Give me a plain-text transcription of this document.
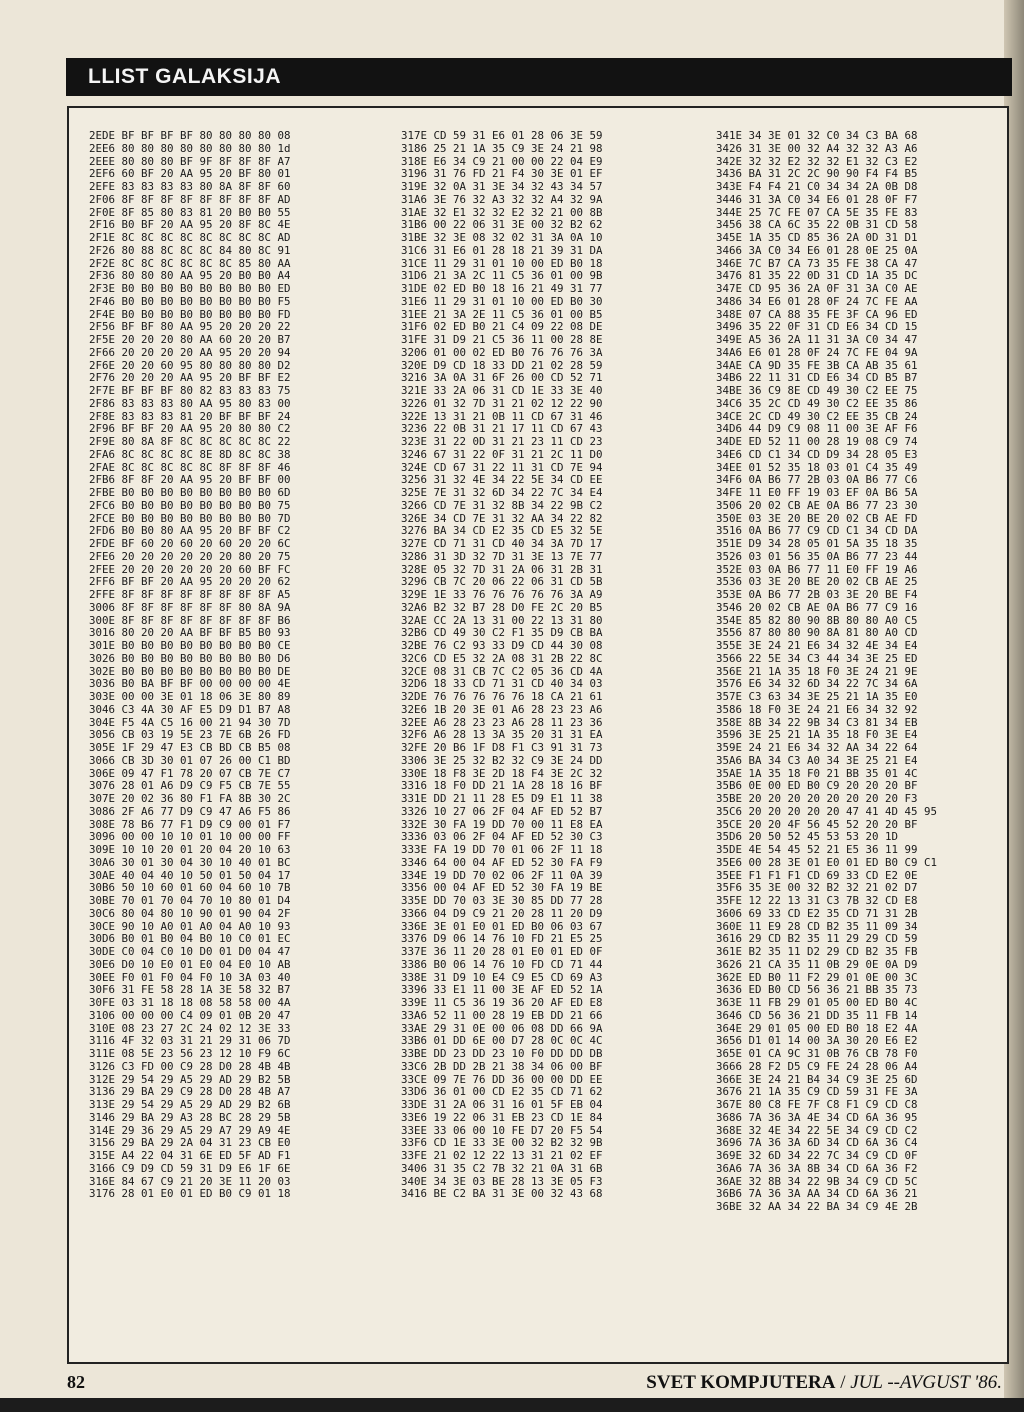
LLIST GALAKSIJA
2EDE BF BF BF BF 80 80 80 80 08
2EE6 80 80 80 80 80 80 80 80 1d
2EEE 80 80 80 BF 9F 8F 8F 8F A7
2EF6 60 BF 20 AA 95 20 BF 80 01
2EFE 83 83 83 83 80 8A 8F 8F 60
2F06 8F 8F 8F 8F 8F 8F 8F 8F AD
2F0E 8F 85 80 83 81 20 B0 B0 55
2F16 B0 BF 20 AA 95 20 8F 8C 4E
2F1E 8C 8C 8C 8C 8C 8C 8C 8C AD
2F26 80 88 8C 8C 8C 84 80 8C 91
2F2E 8C 8C 8C 8C 8C 8C 85 80 AA
2F36 80 80 80 AA 95 20 B0 B0 A4
2F3E B0 B0 B0 B0 B0 B0 B0 B0 ED
2F46 B0 B0 B0 B0 B0 B0 B0 B0 F5
2F4E B0 B0 B0 B0 B0 B0 B0 B0 FD
2F56 BF BF 80 AA 95 20 20 20 22
2F5E 20 20 20 80 AA 60 20 20 B7
2F66 20 20 20 20 AA 95 20 20 94
2F6E 20 20 60 95 80 80 80 80 D2
2F76 20 20 20 AA 95 20 BF BF E2
2F7E BF BF BF 80 82 83 83 83 75
2F86 83 83 83 80 AA 95 80 83 00
2F8E 83 83 83 81 20 BF BF BF 24
2F96 BF BF 20 AA 95 20 80 80 C2
2F9E 80 8A 8F 8C 8C 8C 8C 8C 22
2FA6 8C 8C 8C 8C 8E 8D 8C 8C 38
2FAE 8C 8C 8C 8C 8C 8F 8F 8F 46
2FB6 8F 8F 20 AA 95 20 BF BF 00
2FBE B0 B0 B0 B0 B0 B0 B0 B0 6D
2FC6 B0 B0 B0 B0 B0 B0 B0 B0 75
2FCE B0 B0 B0 B0 B0 B0 B0 B0 7D
2FD6 B0 B0 80 AA 95 20 BF BF C2
2FDE BF 60 20 60 20 60 20 20 6C
2FE6 20 20 20 20 20 20 80 20 75
2FEE 20 20 20 20 20 20 60 BF FC
2FF6 BF BF 20 AA 95 20 20 20 62
2FFE 8F 8F 8F 8F 8F 8F 8F 8F A5
3006 8F 8F 8F 8F 8F 8F 80 8A 9A
300E 8F 8F 8F 8F 8F 8F 8F 8F B6
3016 80 20 20 AA BF BF B5 B0 93
301E B0 B0 B0 B0 B0 B0 B0 B0 CE
3026 B0 B0 B0 B0 B0 B0 B0 B0 D6
302E B0 B0 B0 B0 B0 B0 B0 B0 DE
3036 B0 BA BF BF 00 00 00 00 4E
303E 00 00 3E 01 18 06 3E 80 89
3046 C3 4A 30 AF E5 D9 D1 B7 A8
304E F5 4A C5 16 00 21 94 30 7D
3056 CB 03 19 5E 23 7E 6B 26 FD
305E 1F 29 47 E3 CB BD CB B5 08
3066 CB 3D 30 01 07 26 00 C1 BD
306E 09 47 F1 78 20 07 CB 7E C7
3076 28 01 A6 D9 C9 F5 CB 7E 55
307E 20 02 36 80 F1 FA 8B 30 2C
3086 2F A6 77 D9 C9 47 A6 F5 86
308E 78 B6 77 F1 D9 C9 00 01 F7
3096 00 00 10 10 01 10 00 00 FF
309E 10 10 20 01 20 04 20 10 63
30A6 30 01 30 04 30 10 40 01 BC
30AE 40 04 40 10 50 01 50 04 17
30B6 50 10 60 01 60 04 60 10 7B
30BE 70 01 70 04 70 10 80 01 D4
30C6 80 04 80 10 90 01 90 04 2F
30CE 90 10 A0 01 A0 04 A0 10 93
30D6 B0 01 B0 04 B0 10 C0 01 EC
30DE C0 04 C0 10 D0 01 D0 04 47
30E6 D0 10 E0 01 E0 04 E0 10 AB
30EE F0 01 F0 04 F0 10 3A 03 40
30F6 31 FE 58 28 1A 3E 58 32 B7
30FE 03 31 18 18 08 58 58 00 4A
3106 00 00 00 C4 09 01 0B 20 47
310E 08 23 27 2C 24 02 12 3E 33
3116 4F 32 03 31 21 29 31 06 7D
311E 08 5E 23 56 23 12 10 F9 6C
3126 C3 FD 00 C9 28 D0 28 4B 4B
312E 29 54 29 A5 29 AD 29 B2 5B
3136 29 BA 29 C9 28 D0 28 4B A7
313E 29 54 29 A5 29 AD 29 B2 6B
3146 29 BA 29 A3 28 BC 28 29 5B
314E 29 36 29 A5 29 A7 29 A9 4E
3156 29 BA 29 2A 04 31 23 CB E0
315E A4 22 04 31 6E ED 5F AD F1
3166 C9 D9 CD 59 31 D9 E6 1F 6E
316E 84 67 C9 21 20 3E 11 20 03
3176 28 01 E0 01 ED B0 C9 01 18
317E CD 59 31 E6 01 28 06 3E 59
3186 25 21 1A 35 C9 3E 24 21 98
318E E6 34 C9 21 00 00 22 04 E9
3196 31 76 FD 21 F4 30 3E 01 EF
319E 32 0A 31 3E 34 32 43 34 57
31A6 3E 76 32 A3 32 32 A4 32 9A
31AE 32 E1 32 32 E2 32 21 00 8B
31B6 00 22 06 31 3E 00 32 B2 62
31BE 32 3E 08 32 02 31 3A 0A 10
31C6 31 E6 01 28 18 21 39 31 DA
31CE 11 29 31 01 10 00 ED B0 18
31D6 21 3A 2C 11 C5 36 01 00 9B
31DE 02 ED B0 18 16 21 49 31 77
31E6 11 29 31 01 10 00 ED B0 30
31EE 21 3A 2E 11 C5 36 01 00 B5
31F6 02 ED B0 21 C4 09 22 08 DE
31FE 31 D9 21 C5 36 11 00 28 8E
3206 01 00 02 ED B0 76 76 76 3A
320E D9 CD 18 33 DD 21 02 28 59
3216 3A 0A 31 6F 26 00 CD 52 71
321E 33 2A 06 31 CD 1E 33 3E 40
3226 01 32 7D 31 21 02 12 22 90
322E 13 31 21 0B 11 CD 67 31 46
3236 22 0B 31 21 17 11 CD 67 43
323E 31 22 0D 31 21 23 11 CD 23
3246 67 31 22 0F 31 21 2C 11 D0
324E CD 67 31 22 11 31 CD 7E 94
3256 31 32 4E 34 22 5E 34 CD EE
325E 7E 31 32 6D 34 22 7C 34 E4
3266 CD 7E 31 32 8B 34 22 9B C2
326E 34 CD 7E 31 32 AA 34 22 82
3276 BA 34 CD E2 35 CD E5 32 5E
327E CD 71 31 CD 40 34 3A 7D 17
3286 31 3D 32 7D 31 3E 13 7E 77
328E 05 32 7D 31 2A 06 31 2B 31
3296 CB 7C 20 06 22 06 31 CD 5B
329E 1E 33 76 76 76 76 76 3A A9
32A6 B2 32 B7 28 D0 FE 2C 20 B5
32AE CC 2A 13 31 00 22 13 31 80
32B6 CD 49 30 C2 F1 35 D9 CB BA
32BE 76 C2 93 33 D9 CD 44 30 08
32C6 CD E5 32 2A 08 31 2B 22 8C
32CE 08 31 CB 7C C2 05 36 CD 4A
32D6 18 33 CD 71 31 CD 40 34 03
32DE 76 76 76 76 76 18 CA 21 61
32E6 1B 20 3E 01 A6 28 23 23 A6
32EE A6 28 23 23 A6 28 11 23 36
32F6 A6 28 13 3A 35 20 31 31 EA
32FE 20 B6 1F D8 F1 C3 91 31 73
3306 3E 25 32 B2 32 C9 3E 24 DD
330E 18 F8 3E 2D 18 F4 3E 2C 32
3316 18 F0 DD 21 1A 28 18 16 BF
331E DD 21 11 28 E5 D9 E1 11 38
3326 10 27 06 2F 04 AF ED 52 B7
332E 30 FA 19 DD 70 00 11 E8 EA
3336 03 06 2F 04 AF ED 52 30 C3
333E FA 19 DD 70 01 06 2F 11 18
3346 64 00 04 AF ED 52 30 FA F9
334E 19 DD 70 02 06 2F 11 0A 39
3356 00 04 AF ED 52 30 FA 19 BE
335E DD 70 03 3E 30 85 DD 77 28
3366 04 D9 C9 21 20 28 11 20 D9
336E 3E 01 E0 01 ED B0 06 03 67
3376 D9 06 14 76 10 FD 21 E5 25
337E 36 11 20 28 01 E0 01 ED 0F
3386 B0 06 14 76 10 FD CD 71 44
338E 31 D9 10 E4 C9 E5 CD 69 A3
3396 33 E1 11 00 3E AF ED 52 1A
339E 11 C5 36 19 36 20 AF ED E8
33A6 52 11 00 28 19 EB DD 21 66
33AE 29 31 0E 00 06 08 DD 66 9A
33B6 01 DD 6E 00 D7 28 0C 0C 4C
33BE DD 23 DD 23 10 F0 DD DD DB
33C6 2B DD 2B 21 38 34 06 00 BF
33CE 09 7E 76 DD 36 00 00 DD EE
33D6 36 01 00 CD E2 35 CD 71 62
33DE 31 2A 06 31 16 01 5F EB 04
33E6 19 22 06 31 EB 23 CD 1E 84
33EE 33 06 00 10 FE D7 20 F5 54
33F6 CD 1E 33 3E 00 32 B2 32 9B
33FE 21 02 12 22 13 31 21 02 EF
3406 31 35 C2 7B 32 21 0A 31 6B
340E 34 3E 03 BE 28 13 3E 05 F3
3416 BE C2 BA 31 3E 00 32 43 68
341E 34 3E 01 32 C0 34 C3 BA 68
3426 31 3E 00 32 A4 32 32 A3 A6
342E 32 32 E2 32 32 E1 32 C3 E2
3436 BA 31 2C 2C 90 90 F4 F4 B5
343E F4 F4 21 C0 34 34 2A 0B D8
3446 31 3A C0 34 E6 01 28 0F F7
344E 25 7C FE 07 CA 5E 35 FE 83
3456 38 CA 6C 35 22 0B 31 CD 58
345E 1A 35 CD 85 36 2A 0D 31 D1
3466 3A C0 34 E6 01 28 0E 25 0A
346E 7C B7 CA 73 35 FE 38 CA 47
3476 81 35 22 0D 31 CD 1A 35 DC
347E CD 95 36 2A 0F 31 3A C0 AE
3486 34 E6 01 28 0F 24 7C FE AA
348E 07 CA 88 35 FE 3F CA 96 ED
3496 35 22 0F 31 CD E6 34 CD 15
349E A5 36 2A 11 31 3A C0 34 47
34A6 E6 01 28 0F 24 7C FE 04 9A
34AE CA 9D 35 FE 3B CA AB 35 61
34B6 22 11 31 CD E6 34 CD B5 B7
34BE 36 C9 8E CD 49 30 C2 EE 75
34C6 35 2C CD 49 30 C2 EE 35 86
34CE 2C CD 49 30 C2 EE 35 CB 24
34D6 44 D9 C9 08 11 00 3E AF F6
34DE ED 52 11 00 28 19 08 C9 74
34E6 CD C1 34 CD D9 34 28 05 E3
34EE 01 52 35 18 03 01 C4 35 49
34F6 0A B6 77 2B 03 0A B6 77 C6
34FE 11 E0 FF 19 03 EF 0A B6 5A
3506 20 02 CB AE 0A B6 77 23 30
350E 03 3E 20 BE 20 02 CB AE FD
3516 0A B6 77 C9 CD C1 34 CD DA
351E D9 34 28 05 01 5A 35 18 35
3526 03 01 56 35 0A B6 77 23 44
352E 03 0A B6 77 11 E0 FF 19 A6
3536 03 3E 20 BE 20 02 CB AE 25
353E 0A B6 77 2B 03 3E 20 BE F4
3546 20 02 CB AE 0A B6 77 C9 16
354E 85 82 80 90 8B 80 80 A0 C5
3556 87 80 80 90 8A 81 80 A0 CD
355E 3E 24 21 E6 34 32 4E 34 E4
3566 22 5E 34 C3 44 34 3E 25 ED
356E 21 1A 35 18 F0 3E 24 21 9E
3576 E6 34 32 6D 34 22 7C 34 6A
357E C3 63 34 3E 25 21 1A 35 E0
3586 18 F0 3E 24 21 E6 34 32 92
358E 8B 34 22 9B 34 C3 81 34 EB
3596 3E 25 21 1A 35 18 F0 3E E4
359E 24 21 E6 34 32 AA 34 22 64
35A6 BA 34 C3 A0 34 3E 25 21 E4
35AE 1A 35 18 F0 21 BB 35 01 4C
35B6 0E 00 ED B0 C9 20 20 20 BF
35BE 20 20 20 20 20 20 20 20 F3
35C6 20 20 20 20 20 47 41 4D 45 95
35CE 20 20 4F 56 45 52 20 20 BF
35D6 20 50 52 45 53 53 20 1D
35DE 4E 54 45 52 21 E5 36 11 99
35E6 00 28 3E 01 E0 01 ED B0 C9 C1
35EE F1 F1 F1 CD 69 33 CD E2 0E
35F6 35 3E 00 32 B2 32 21 02 D7
35FE 12 22 13 31 C3 7B 32 CD E8
3606 69 33 CD E2 35 CD 71 31 2B
360E 11 E9 28 CD B2 35 11 09 34
3616 29 CD B2 35 11 29 29 CD 59
361E B2 35 11 D2 29 CD B2 35 FB
3626 21 CA 35 11 0B 29 0E 0A D9
362E ED B0 11 F2 29 01 0E 00 3C
3636 ED B0 CD 56 36 21 BB 35 73
363E 11 FB 29 01 05 00 ED B0 4C
3646 CD 56 36 21 DD 35 11 FB 14
364E 29 01 05 00 ED B0 18 E2 4A
3656 D1 01 14 00 3A 30 20 E6 E2
365E 01 CA 9C 31 0B 76 CB 78 F0
3666 28 F2 D5 C9 FE 24 28 06 A4
366E 3E 24 21 B4 34 C9 3E 25 6D
3676 21 1A 35 C9 CD 59 31 FE 3A
367E 80 C8 FE 7F C8 F1 C9 CD C8
3686 7A 36 3A 4E 34 CD 6A 36 95
368E 32 4E 34 22 5E 34 C9 CD C2
3696 7A 36 3A 6D 34 CD 6A 36 C4
369E 32 6D 34 22 7C 34 C9 CD 0F
36A6 7A 36 3A 8B 34 CD 6A 36 F2
36AE 32 8B 34 22 9B 34 C9 CD 5C
36B6 7A 36 3A AA 34 CD 6A 36 21
36BE 32 AA 34 22 BA 34 C9 4E 2B
82	SVET KOMPJUTERA / JUL --AVGUST '86.
